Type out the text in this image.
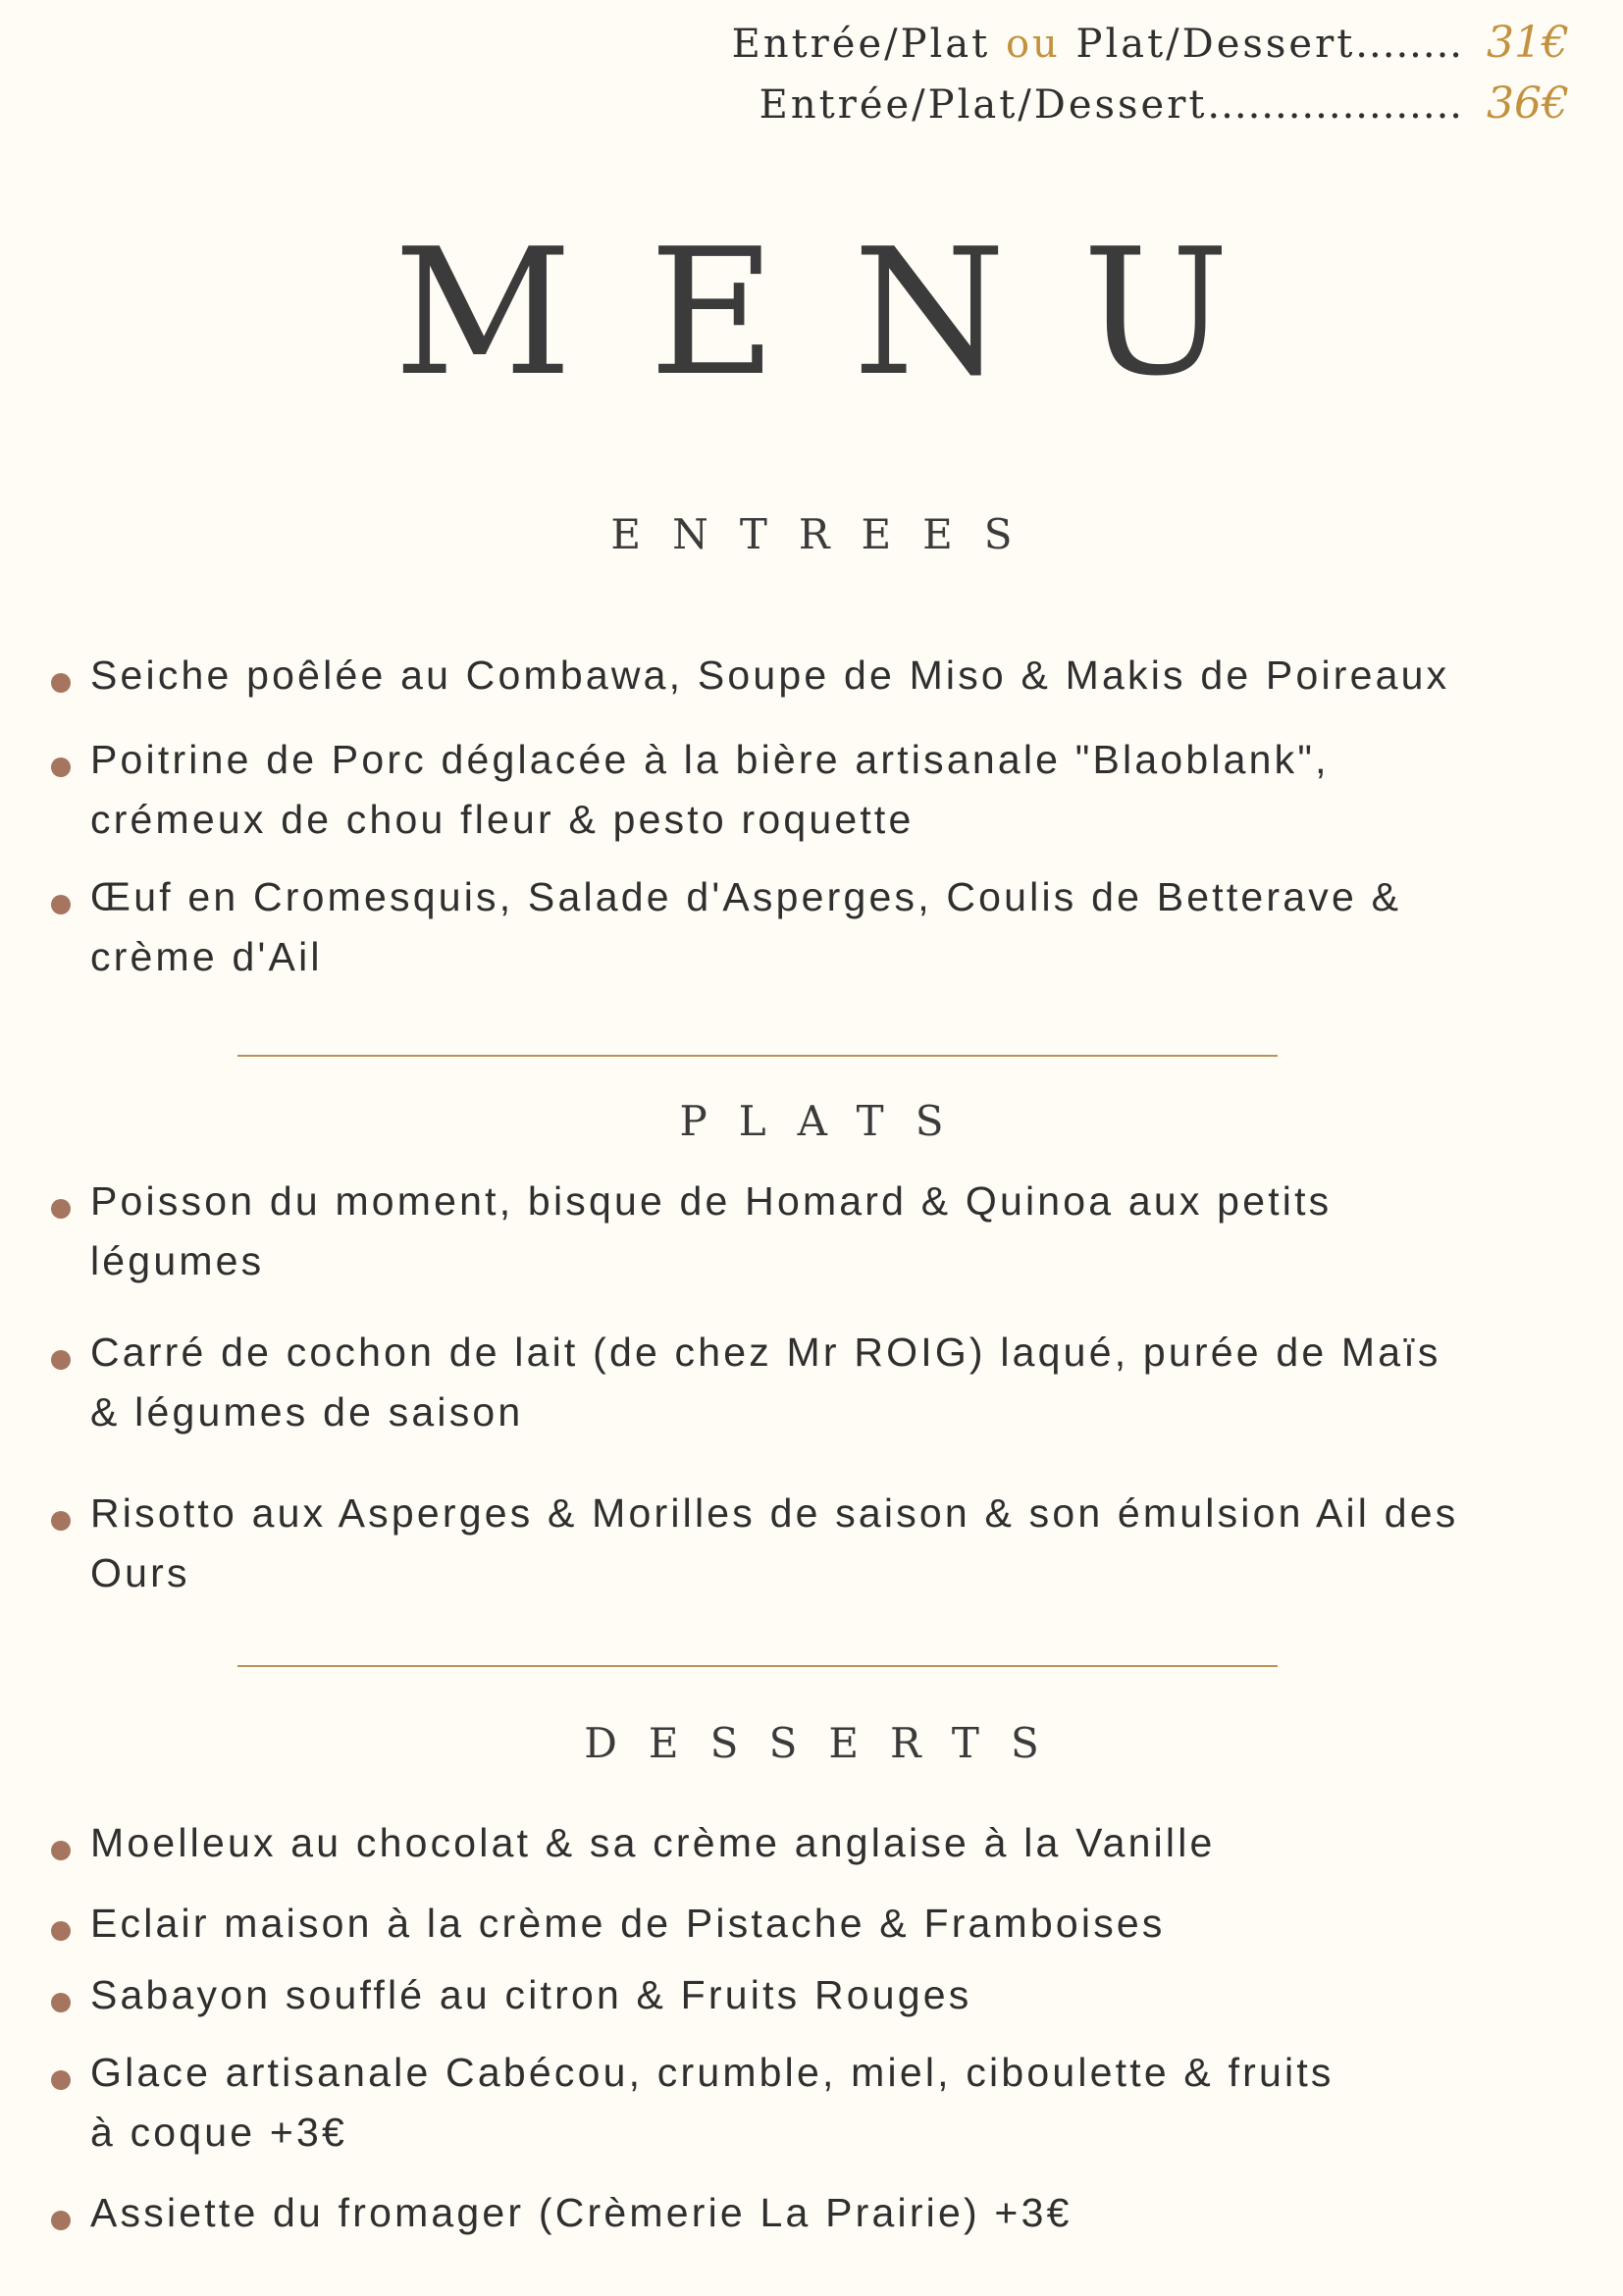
Entrée/Plat ou Plat/Dessert ........ 31€
Entrée/Plat/Dessert ................... 36€
MENU
ENTREES
Seiche poêlée au Combawa, Soupe de Miso & Makis de Poireaux
Poitrine de Porc déglacée à la bière artisanale "Blaoblank", crémeux de chou fleur & pesto roquette
Œuf en Cromesquis, Salade d'Asperges, Coulis de Betterave & crème d'Ail
PLATS
Poisson du moment, bisque de Homard & Quinoa aux petits légumes
Carré de cochon de lait (de chez Mr ROIG) laqué, purée de Maïs & légumes de saison
Risotto aux Asperges & Morilles de saison & son émulsion Ail des Ours
DESSERTS
Moelleux au chocolat & sa crème anglaise à la Vanille
Eclair maison à la crème de Pistache & Framboises
Sabayon soufflé au citron & Fruits Rouges
Glace artisanale Cabécou, crumble, miel, ciboulette & fruits à coque +3€
Assiette du fromager (Crèmerie La Prairie) +3€
